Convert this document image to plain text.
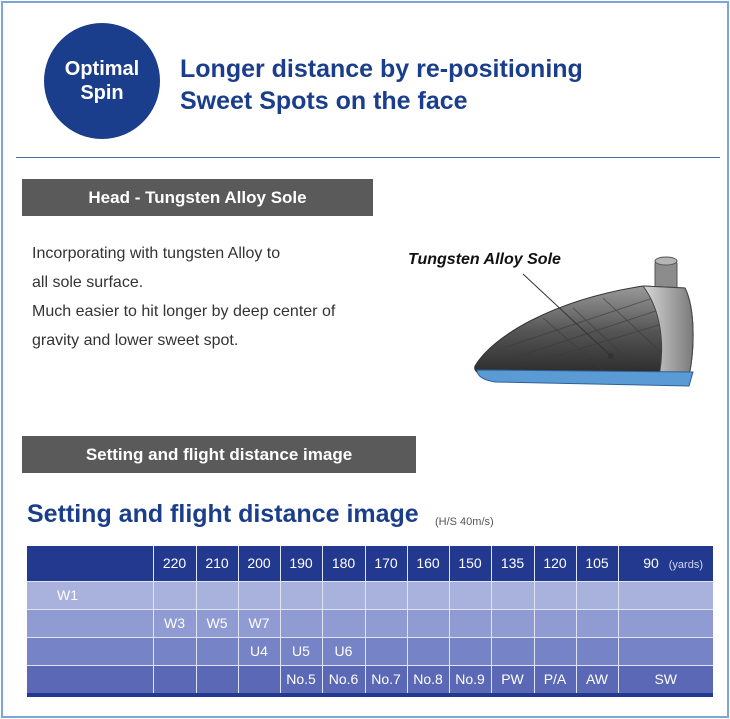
Optimal
Spin
Longer distance by re-positioning
Sweet Spots on the face
Head - Tungsten Alloy Sole
Incorporating with tungsten Alloy to
all sole surface.
Much easier to hit longer by deep center of
gravity and lower sweet spot.
Tungsten Alloy Sole
Setting and flight distance image
Setting and flight distance image (H/S 40m/s)
	220	210	200	190	180	170	160	150	135	120	105	90 (yards)
W1												
	W3	W5	W7									
			U4	U5	U6							
				No.5	No.6	No.7	No.8	No.9	PW	P/A	AW	SW
